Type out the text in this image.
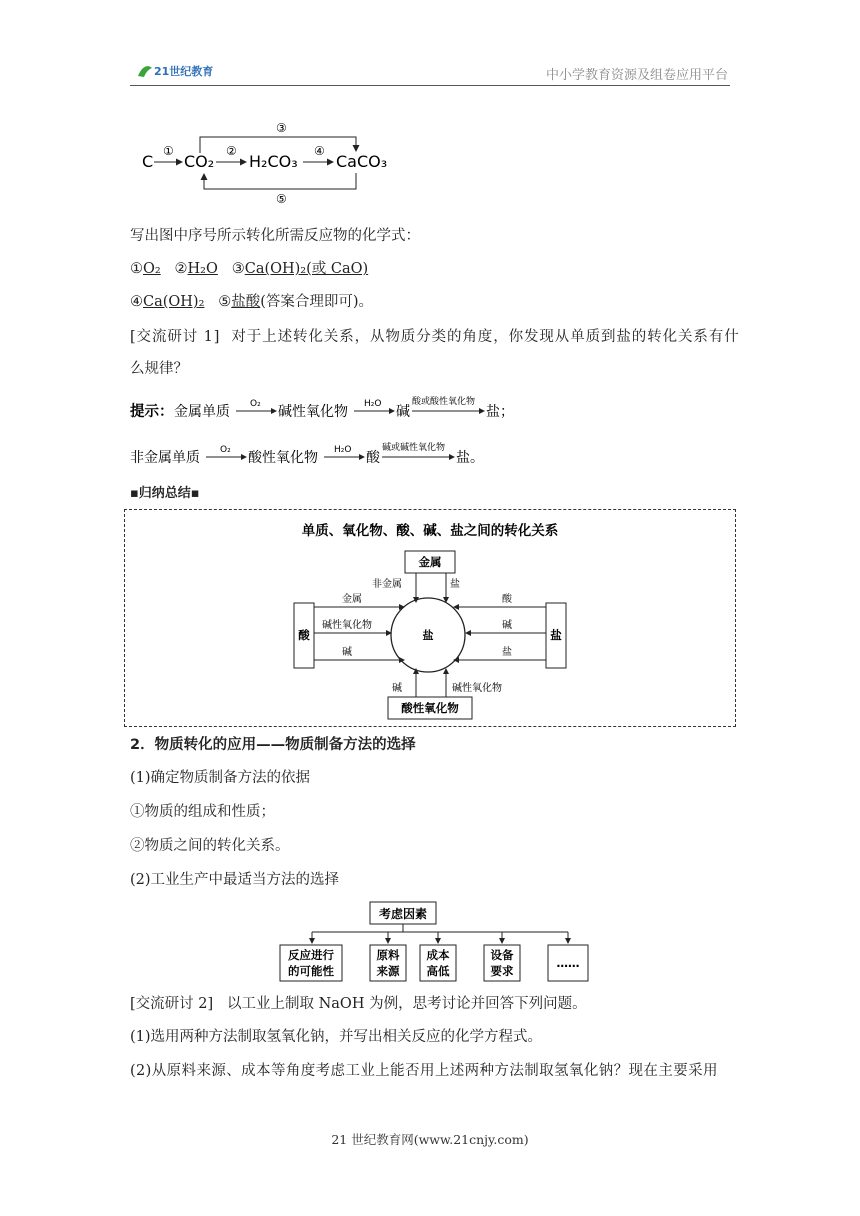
21世纪教育	中小学教育资源及组卷应用平台
C CO₂ H₂CO₃ CaCO₃
①	②	④
③
⑤
写出图中序号所示转化所需反应物的化学式：
①O₂ ②H₂O ③Ca(OH)₂(或 CaO)
④Ca(OH)₂ ⑤盐酸(答案合理即可)。
[交流研讨 1] 对于上述转化关系，从物质分类的角度，你发现从单质到盐的转化关系有什
么规律？
提示： 金属单质 O₂ 碱性氧化物 H₂O 碱
酸或酸性氧化物
盐；
非金属单质 O₂ 酸性氧化物 H₂O 酸
碱或碱性氧化物
盐。
▪归纳总结▪
单质、氧化物、酸、碱、盐之间的转化关系
盐
金属
酸性氧化物
酸	盐
非金属	盐
碱	碱性氧化物
金属
碱性氧化物
碱
酸
碱
盐
2．物质转化的应用——物质制备方法的选择
(1)确定物质制备方法的依据
①物质的组成和性质；
②物质之间的转化关系。
(2)工业生产中最适当方法的选择
考虑因素
反应进行
的可能性
原料
来源
成本
高低
设备
要求
……
[交流研讨 2] 以工业上制取 NaOH 为例，思考讨论并回答下列问题。
(1)选用两种方法制取氢氧化钠，并写出相关反应的化学方程式。
(2)从原料来源、成本等角度考虑工业上能否用上述两种方法制取氢氧化钠？现在主要采用
21 世纪教育网(www.21cnjy.com)
